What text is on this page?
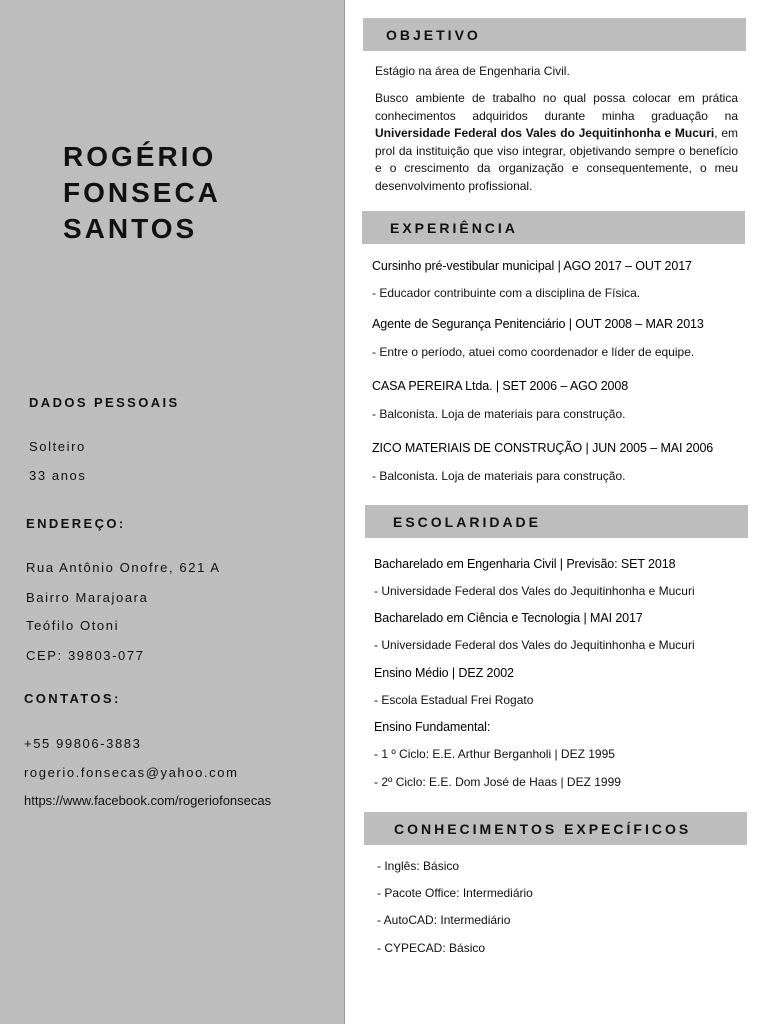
ROGÉRIO
FONSECA
SANTOS
DADOS PESSOAIS
Solteiro
33 anos
ENDEREÇO:
Rua Antônio Onofre, 621 A
Bairro Marajoara
Teófilo Otoni
CEP: 39803-077
CONTATOS:
+55 99806-3883
rogerio.fonsecas@yahoo.com
https://www.facebook.com/rogeriofonsecas
OBJETIVO
Estágio na área de Engenharia Civil.
Busco ambiente de trabalho no qual possa colocar em prática conhecimentos adquiridos durante minha graduação na Universidade Federal dos Vales do Jequitinhonha e Mucuri, em prol da instituição que viso integrar, objetivando sempre o benefício e o crescimento da organização e consequentemente, o meu desenvolvimento profissional.
EXPERIÊNCIA
Cursinho pré-vestibular municipal | AGO 2017 – OUT 2017
- Educador contribuinte com a disciplina de Física.
Agente de Segurança Penitenciário | OUT 2008 – MAR 2013
- Entre o período, atuei como coordenador e líder de equipe.
CASA PEREIRA Ltda. | SET 2006 – AGO 2008
- Balconista. Loja de materiais para construção.
ZICO MATERIAIS DE CONSTRUÇÃO | JUN 2005 – MAI 2006
- Balconista. Loja de materiais para construção.
ESCOLARIDADE
Bacharelado em Engenharia Civil | Previsão: SET 2018
- Universidade Federal dos Vales do Jequitinhonha e Mucuri
Bacharelado em Ciência e Tecnologia | MAI 2017
- Universidade Federal dos Vales do Jequitinhonha e Mucuri
Ensino Médio | DEZ 2002
- Escola Estadual Frei Rogato
Ensino Fundamental:
- 1 º Ciclo: E.E. Arthur Berganholi | DEZ 1995
- 2º Ciclo: E.E. Dom José de Haas | DEZ 1999
CONHECIMENTOS EXPECÍFICOS
- Inglês: Básico
- Pacote Office: Intermediário
- AutoCAD: Intermediário
- CYPECAD: Básico
